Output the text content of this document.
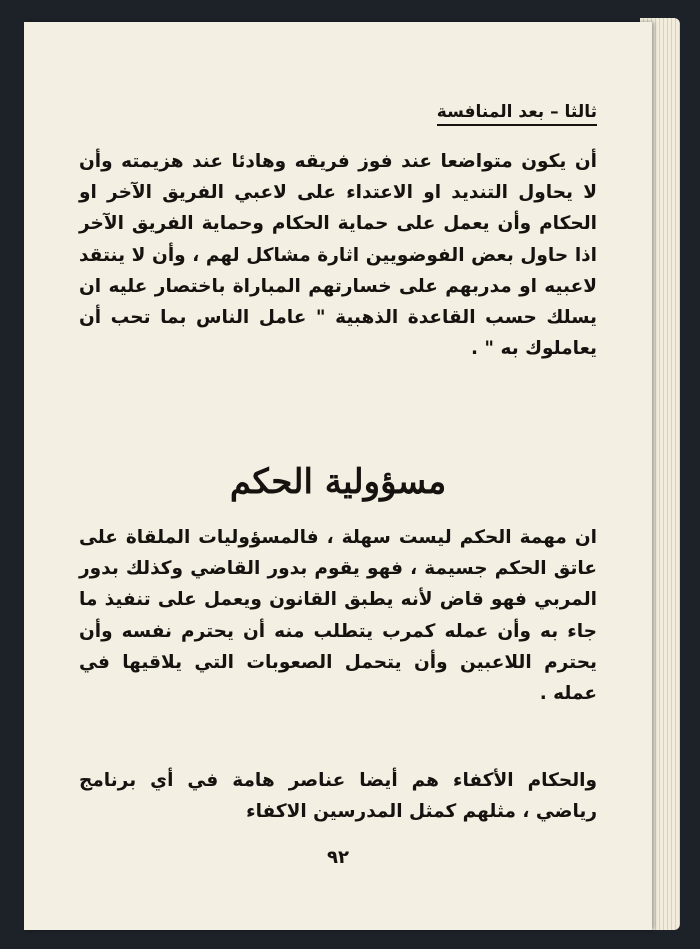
ثالثا – بعد المنافسة
أن يكون متواضعا عند فوز فريقه وهادئا عند هزيمته وأن لا يحاول التنديد او الاعتداء على لاعبي الفريق الآخر او الحكام وأن يعمل على حماية الحكام وحماية الفريق الآخر اذا حاول بعض الفوضويين اثارة مشاكل لهم ، وأن لا ينتقد لاعبيه او مدربهم على خسارتهم المباراة باختصار عليه ان يسلك حسب القاعدة الذهبية " عامل الناس بما تحب أن يعاملوك به " .
مسؤولية الحكم
ان مهمة الحكم ليست سهلة ، فالمسؤوليات الملقاة على عاتق الحكم جسيمة ، فهو يقوم بدور القاضي وكذلك بدور المربي فهو قاض لأنه يطبق القانون ويعمل على تنفيذ ما جاء به وأن عمله كمرب يتطلب منه أن يحترم نفسه وأن يحترم اللاعبين وأن يتحمل الصعوبات التي يلاقيها في عمله .
والحكام الأكفاء هم أيضا عناصر هامة في أي برنامج رياضي ، مثلهم كمثل المدرسين الاكفاء
٩٢
